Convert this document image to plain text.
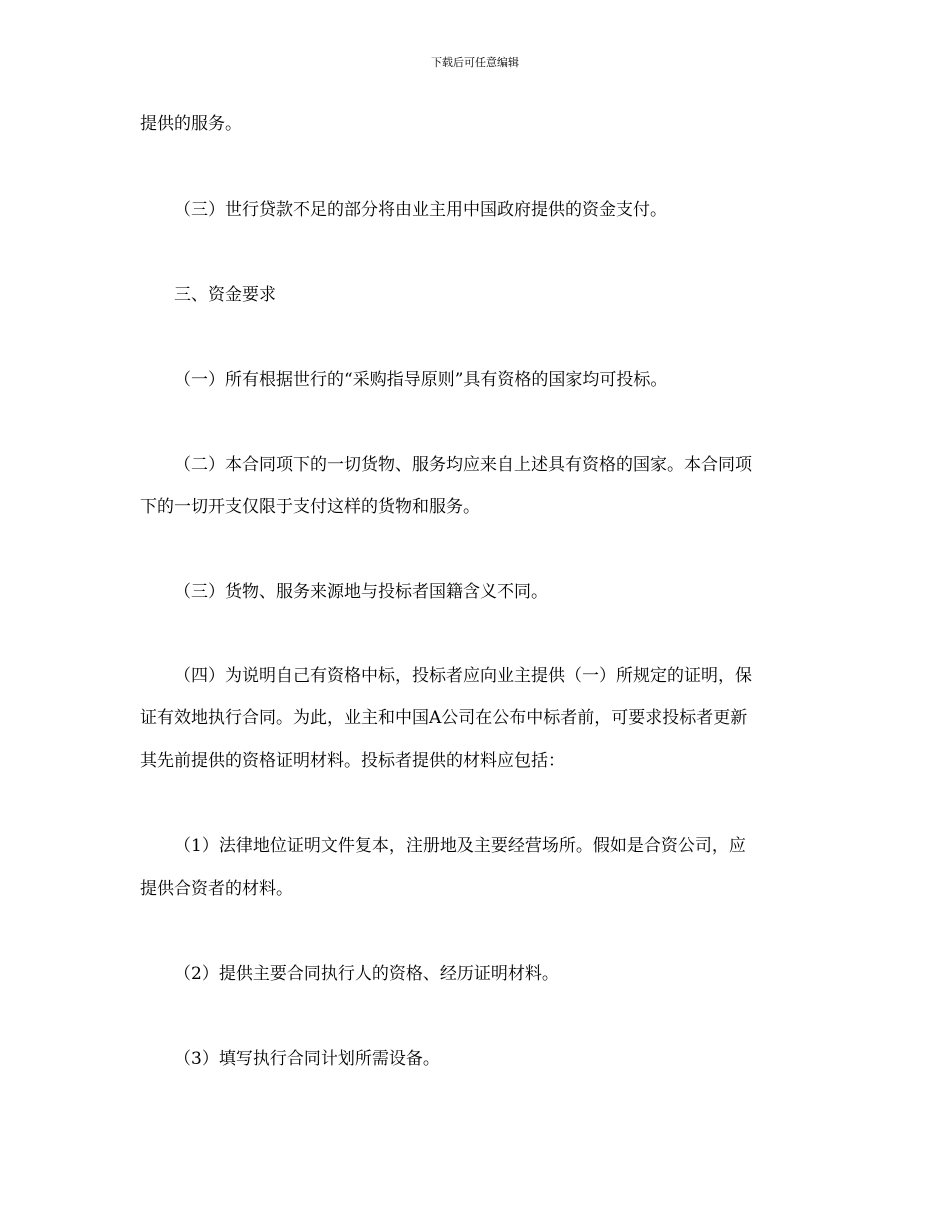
下载后可任意编辑
提供的服务。
（三）世行贷款不足的部分将由业主用中国政府提供的资金支付。
三、资金要求
（一）所有根据世行的“采购指导原则”具有资格的国家均可投标。
（二）本合同项下的一切货物、服务均应来自上述具有资格的国家。本合同项
下的一切开支仅限于支付这样的货物和服务。
（三）货物、服务来源地与投标者国籍含义不同。
（四）为说明自己有资格中标，投标者应向业主提供（一）所规定的证明，保
证有效地执行合同。为此，业主和中国A公司在公布中标者前，可要求投标者更新
其先前提供的资格证明材料。投标者提供的材料应包括：
（1）法律地位证明文件复本，注册地及主要经营场所。假如是合资公司，应
提供合资者的材料。
（2）提供主要合同执行人的资格、经历证明材料。
（3）填写执行合同计划所需设备。
